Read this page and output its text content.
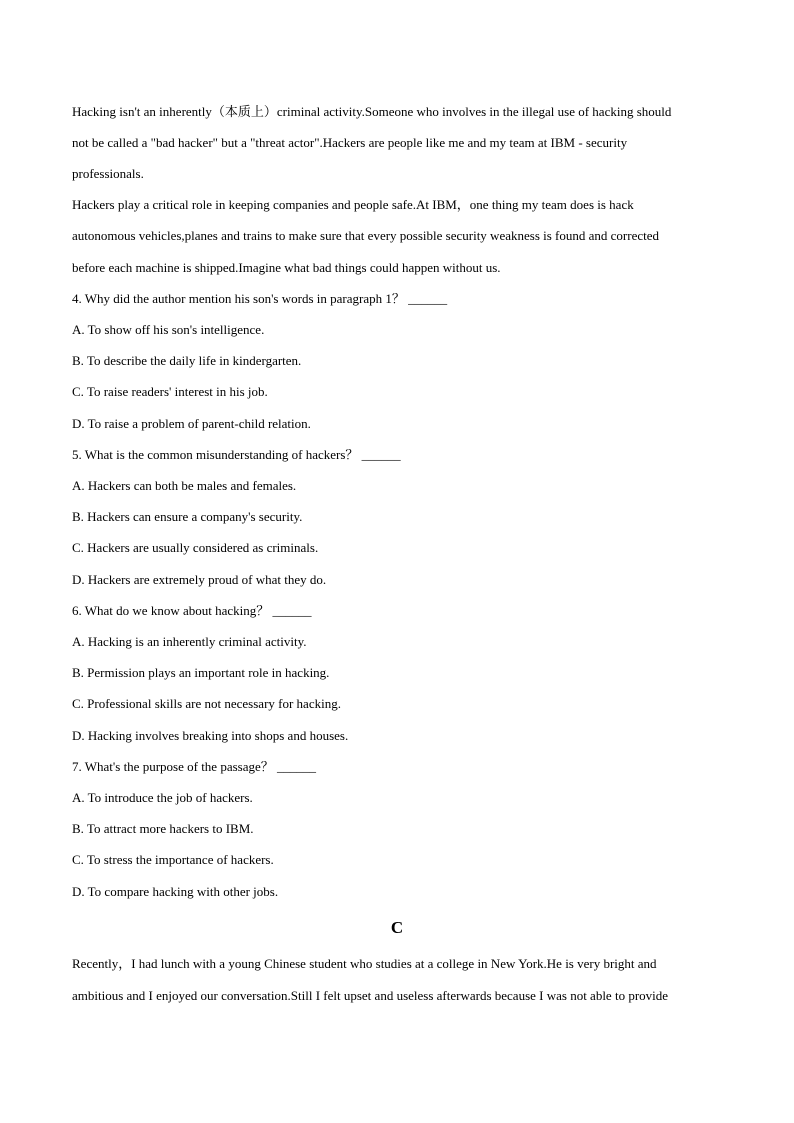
Hacking isn't an inherently（本质上）criminal activity.Someone who involves in the illegal use of hacking should
not be called a "bad hacker" but a "threat actor".Hackers are people like me and my team at IBM - security
professionals.
Hackers play a critical role in keeping companies and people safe.At IBM，one thing my team does is hack
autonomous vehicles,planes and trains to make sure that every possible security weakness is found and corrected
before each machine is shipped.Imagine what bad things could happen without us.
4. Why did the author mention his son's words in paragraph 1？ ______
A. To show off his son's intelligence.
B. To describe the daily life in kindergarten.
C. To raise readers' interest in his job.
D. To raise a problem of parent-child relation.
5. What is the common misunderstanding of hackers？ ______
A. Hackers can both be males and females.
B. Hackers can ensure a company's security.
C. Hackers are usually considered as criminals.
D. Hackers are extremely proud of what they do.
6. What do we know about hacking？ ______
A. Hacking is an inherently criminal activity.
B. Permission plays an important role in hacking.
C. Professional skills are not necessary for hacking.
D. Hacking involves breaking into shops and houses.
7. What's the purpose of the passage？ ______
A. To introduce the job of hackers.
B. To attract more hackers to IBM.
C. To stress the importance of hackers.
D. To compare hacking with other jobs.
C
Recently，I had lunch with a young Chinese student who studies at a college in New York.He is very bright and
ambitious and I enjoyed our conversation.Still I felt upset and useless afterwards because I was not able to provide
